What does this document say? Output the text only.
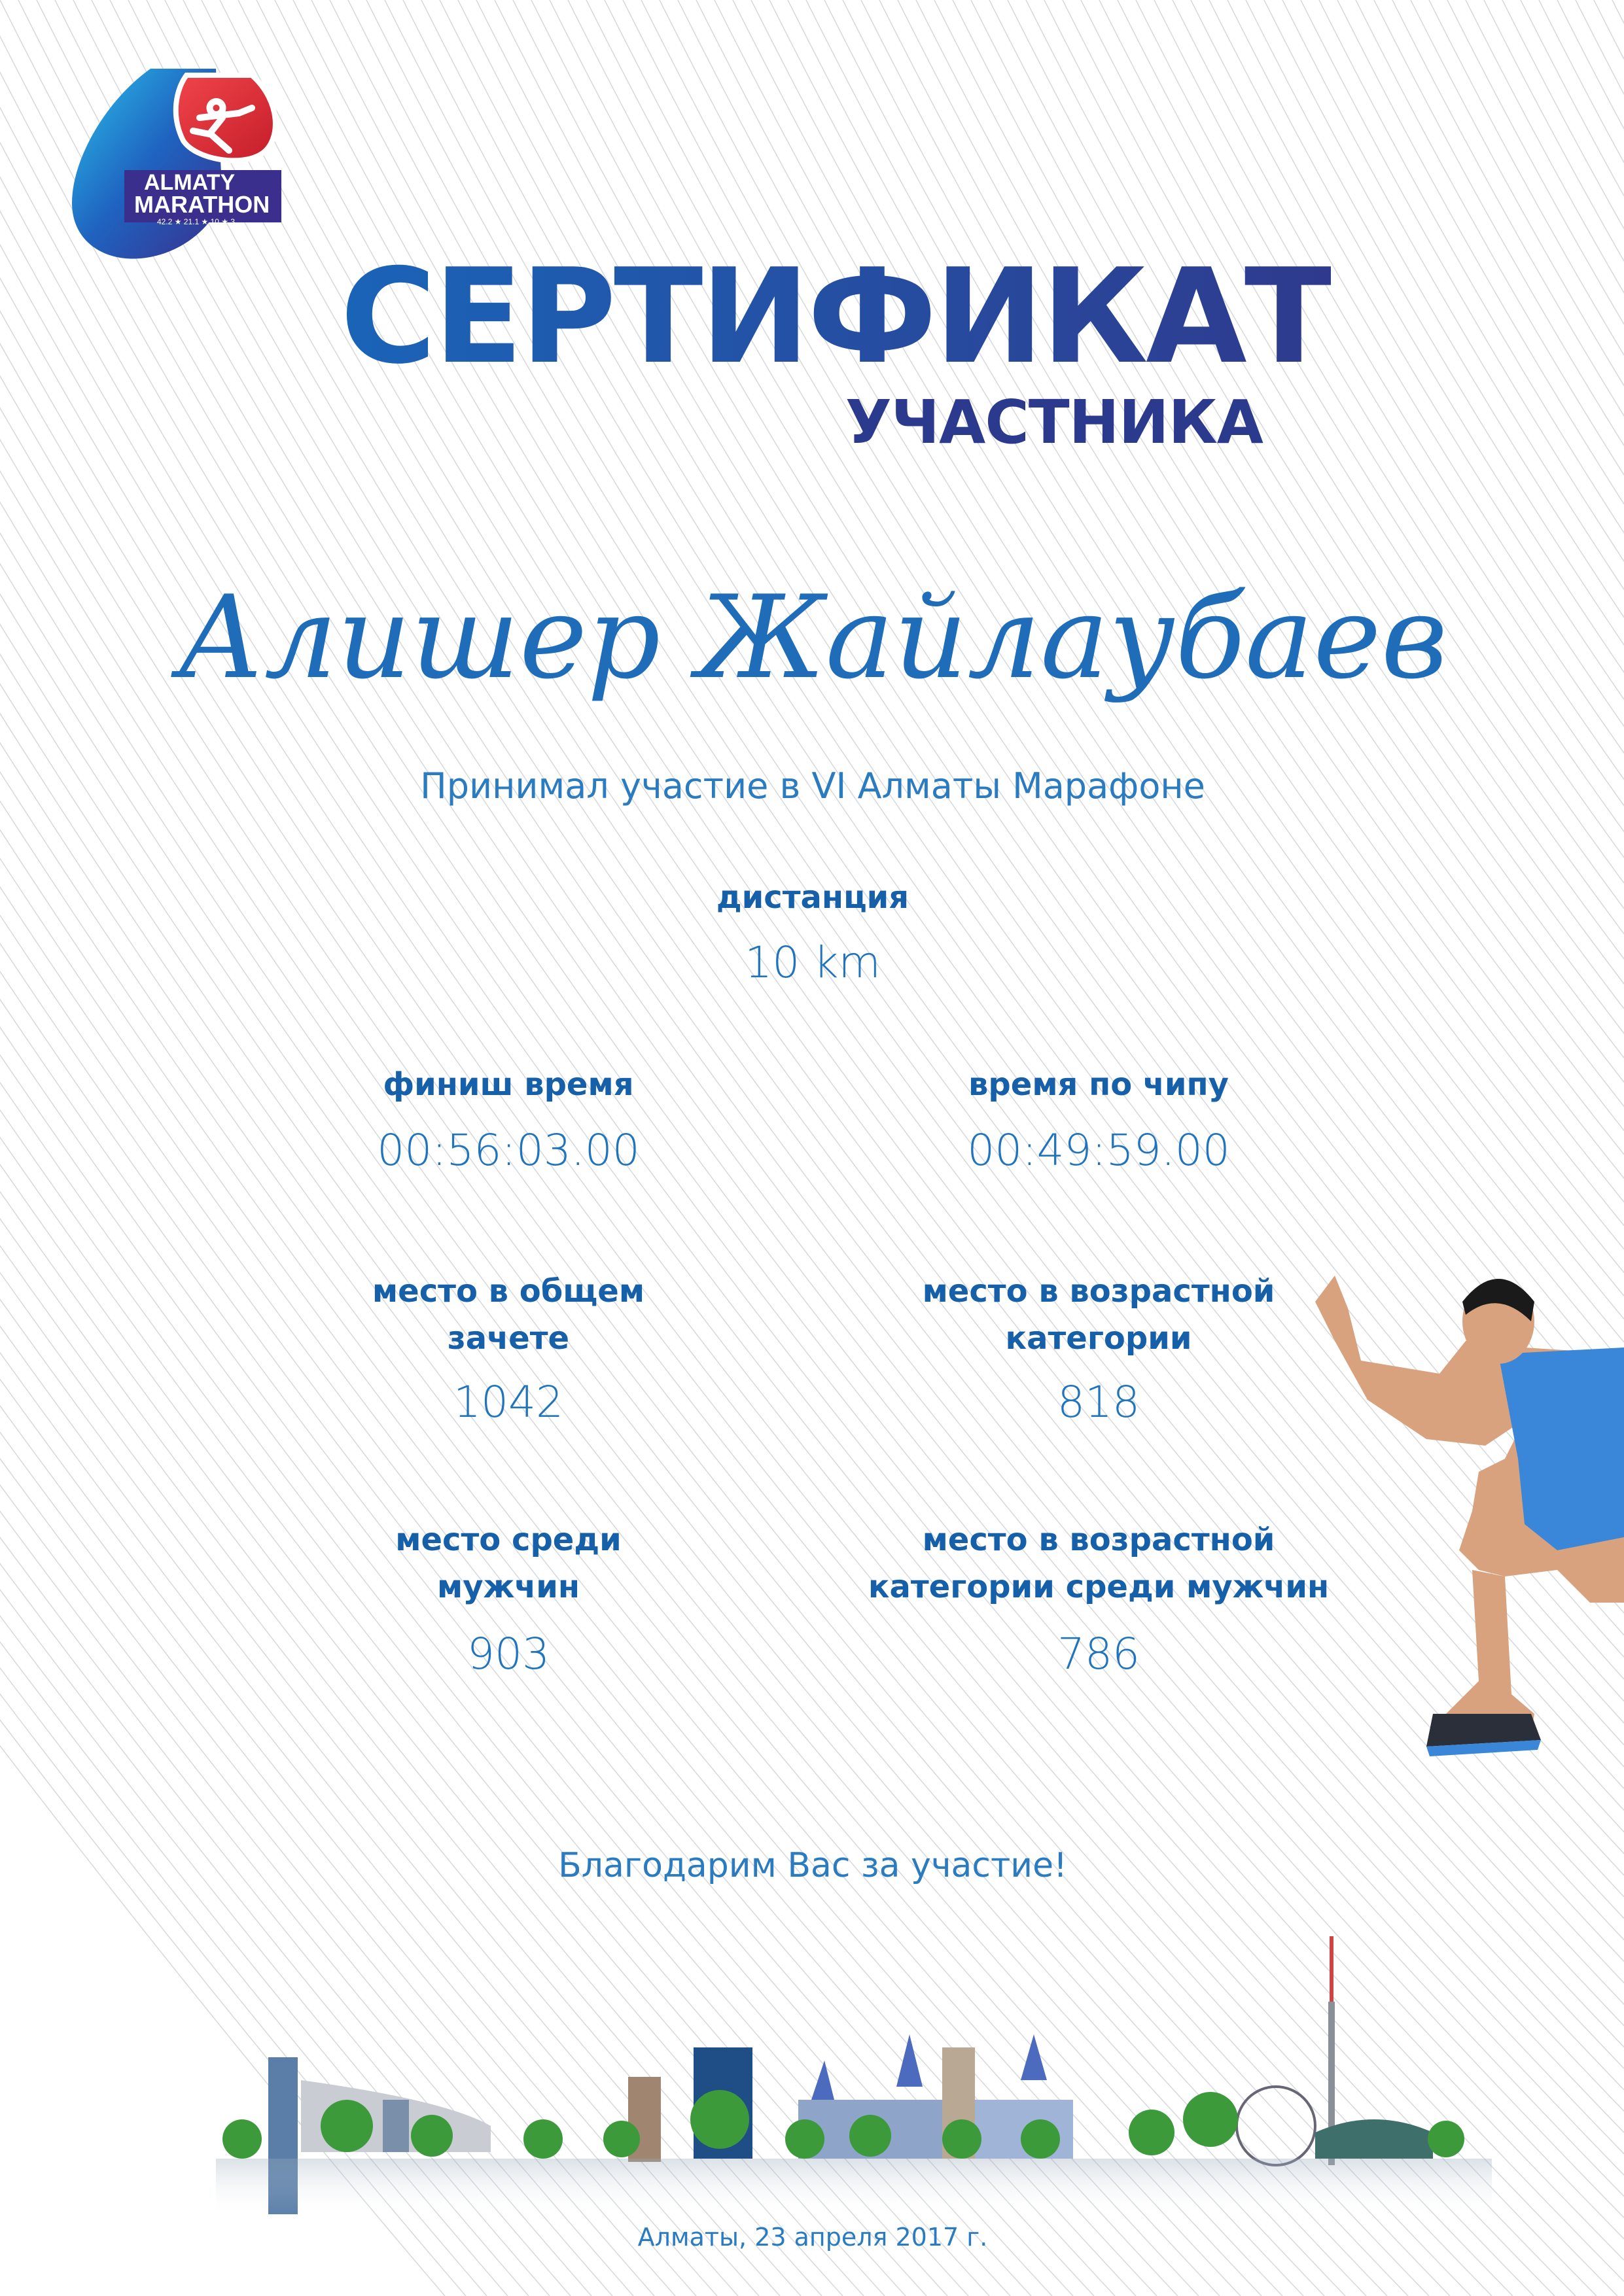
ALMATY
MARATHON
42.2 ★ 21.1 ★ 10 ★ 3
СЕРТИФИКАТ
УЧАСТНИКА
Алишер Жайлаубаев
Принимал участие в VI Алматы Марафоне
дистанция
10 km
финиш время
00:56:03.00
время по чипу
00:49:59.00
место в общем
зачете
1042
место в возрастной
категории
818
место среди
мужчин
903
место в возрастной
категории среди мужчин
786
Благодарим Вас за участие!
Алматы, 23 апреля 2017 г.
